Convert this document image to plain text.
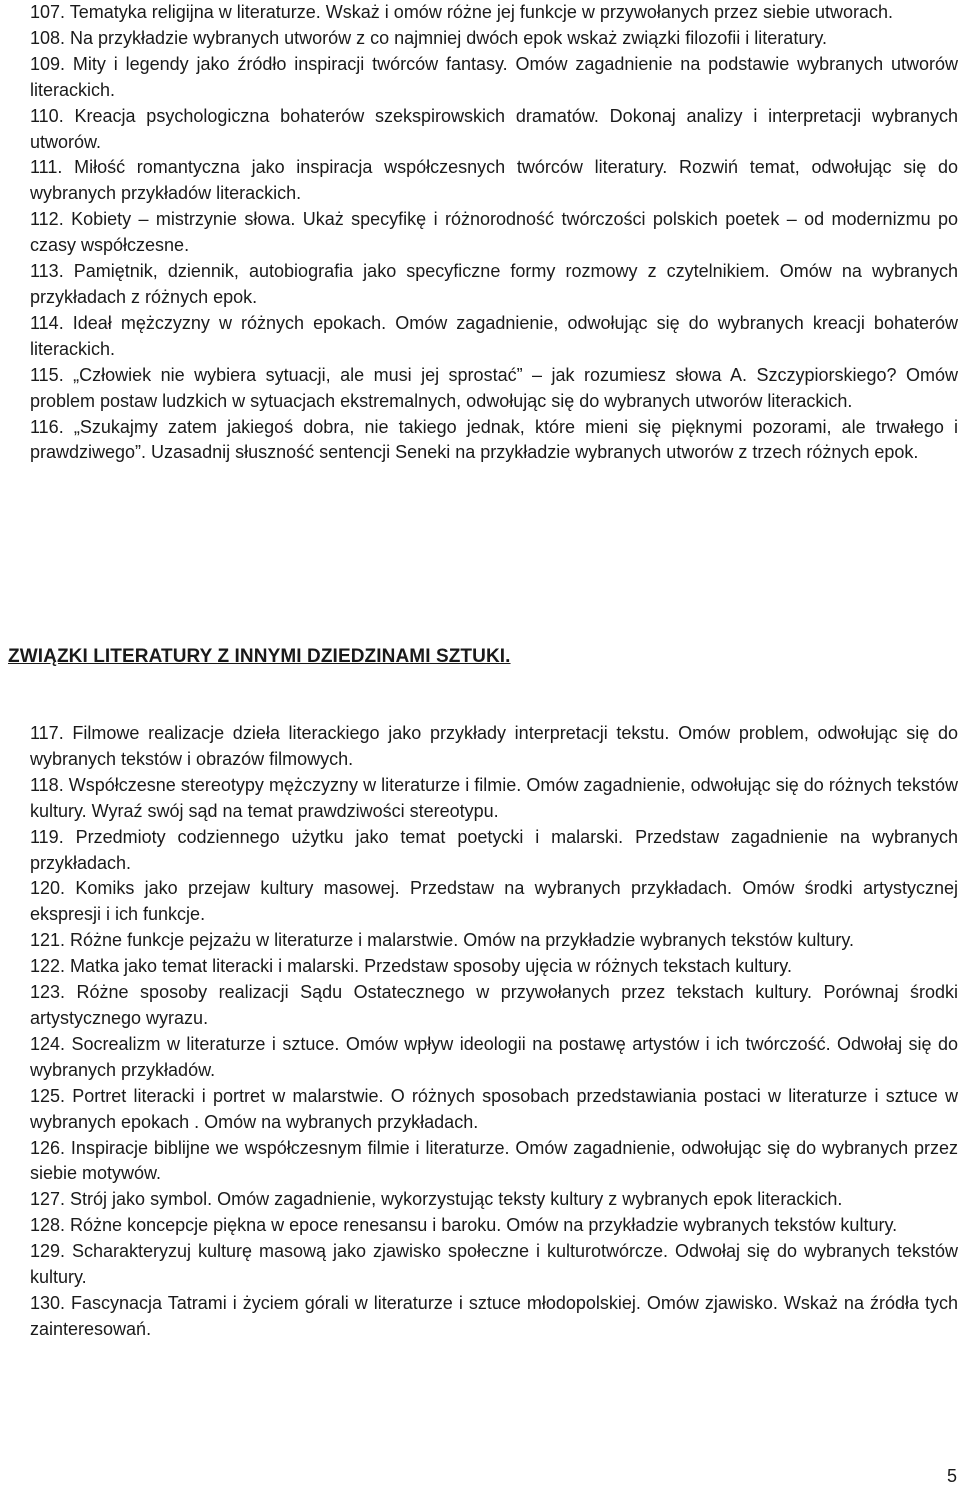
107. Tematyka religijna w literaturze. Wskaż i omów różne jej funkcje w przywołanych przez siebie utworach.

108. Na przykładzie wybranych utworów z co najmniej dwóch epok wskaż związki filozofii i literatury.

109. Mity i legendy jako źródło inspiracji twórców fantasy. Omów zagadnienie na podstawie wybranych utworów literackich.

110. Kreacja psychologiczna bohaterów szekspirowskich dramatów. Dokonaj analizy i interpretacji wybranych utworów.

111. Miłość romantyczna jako inspiracja współczesnych twórców literatury. Rozwiń temat, odwołując się do wybranych przykładów literackich.

112. Kobiety – mistrzynie słowa. Ukaż specyfikę i różnorodność twórczości polskich poetek – od modernizmu po czasy współczesne.

113. Pamiętnik, dziennik, autobiografia jako specyficzne formy rozmowy z czytelnikiem. Omów na wybranych przykładach z różnych epok.

114. Ideał mężczyzny w różnych epokach. Omów zagadnienie, odwołując się do wybranych kreacji bohaterów literackich.

115. „Człowiek nie wybiera sytuacji, ale musi jej sprostać” – jak rozumiesz słowa A. Szczypiorskiego? Omów problem postaw ludzkich w sytuacjach ekstremalnych, odwołując się do wybranych utworów literackich.

116. „Szukajmy zatem jakiegoś dobra, nie takiego jednak, które mieni się pięknymi pozorami, ale trwałego i prawdziwego”. Uzasadnij słuszność sentencji Seneki na przykładzie wybranych utworów z trzech różnych epok.

ZWIĄZKI LITERATURY Z INNYMI DZIEDZINAMI SZTUKI.

117. Filmowe realizacje dzieła literackiego jako przykłady interpretacji tekstu. Omów problem, odwołując się do wybranych tekstów i obrazów filmowych.

118. Współczesne stereotypy mężczyzny w literaturze i filmie. Omów zagadnienie, odwołując się do różnych tekstów kultury. Wyraź swój sąd na temat prawdziwości stereotypu.

119. Przedmioty codziennego użytku jako temat poetycki i malarski. Przedstaw zagadnienie na wybranych przykładach.

120. Komiks jako przejaw kultury masowej. Przedstaw na wybranych przykładach. Omów środki artystycznej ekspresji i ich funkcje.

121. Różne funkcje pejzażu w literaturze i malarstwie. Omów na przykładzie wybranych tekstów kultury.

122. Matka jako temat literacki i malarski. Przedstaw sposoby ujęcia w różnych tekstach kultury.

123. Różne sposoby realizacji Sądu Ostatecznego w przywołanych przez tekstach kultury. Porównaj środki artystycznego wyrazu.

124. Socrealizm w literaturze i sztuce. Omów wpływ ideologii na postawę artystów i ich twórczość. Odwołaj się do wybranych przykładów.

125. Portret literacki i portret w malarstwie. O różnych sposobach przedstawiania postaci w literaturze i sztuce w wybranych epokach . Omów na wybranych przykładach.

126. Inspiracje biblijne we współczesnym filmie i literaturze. Omów zagadnienie, odwołując się do wybranych przez siebie motywów.

127. Strój jako symbol. Omów zagadnienie, wykorzystując teksty kultury z wybranych epok literackich.

128. Różne koncepcje piękna w epoce renesansu i baroku. Omów na przykładzie wybranych tekstów kultury.

129. Scharakteryzuj kulturę masową jako zjawisko społeczne i kulturotwórcze. Odwołaj się do wybranych tekstów kultury.

130. Fascynacja Tatrami i życiem górali w literaturze i sztuce młodopolskiej. Omów zjawisko. Wskaż na źródła tych zainteresowań.

5
